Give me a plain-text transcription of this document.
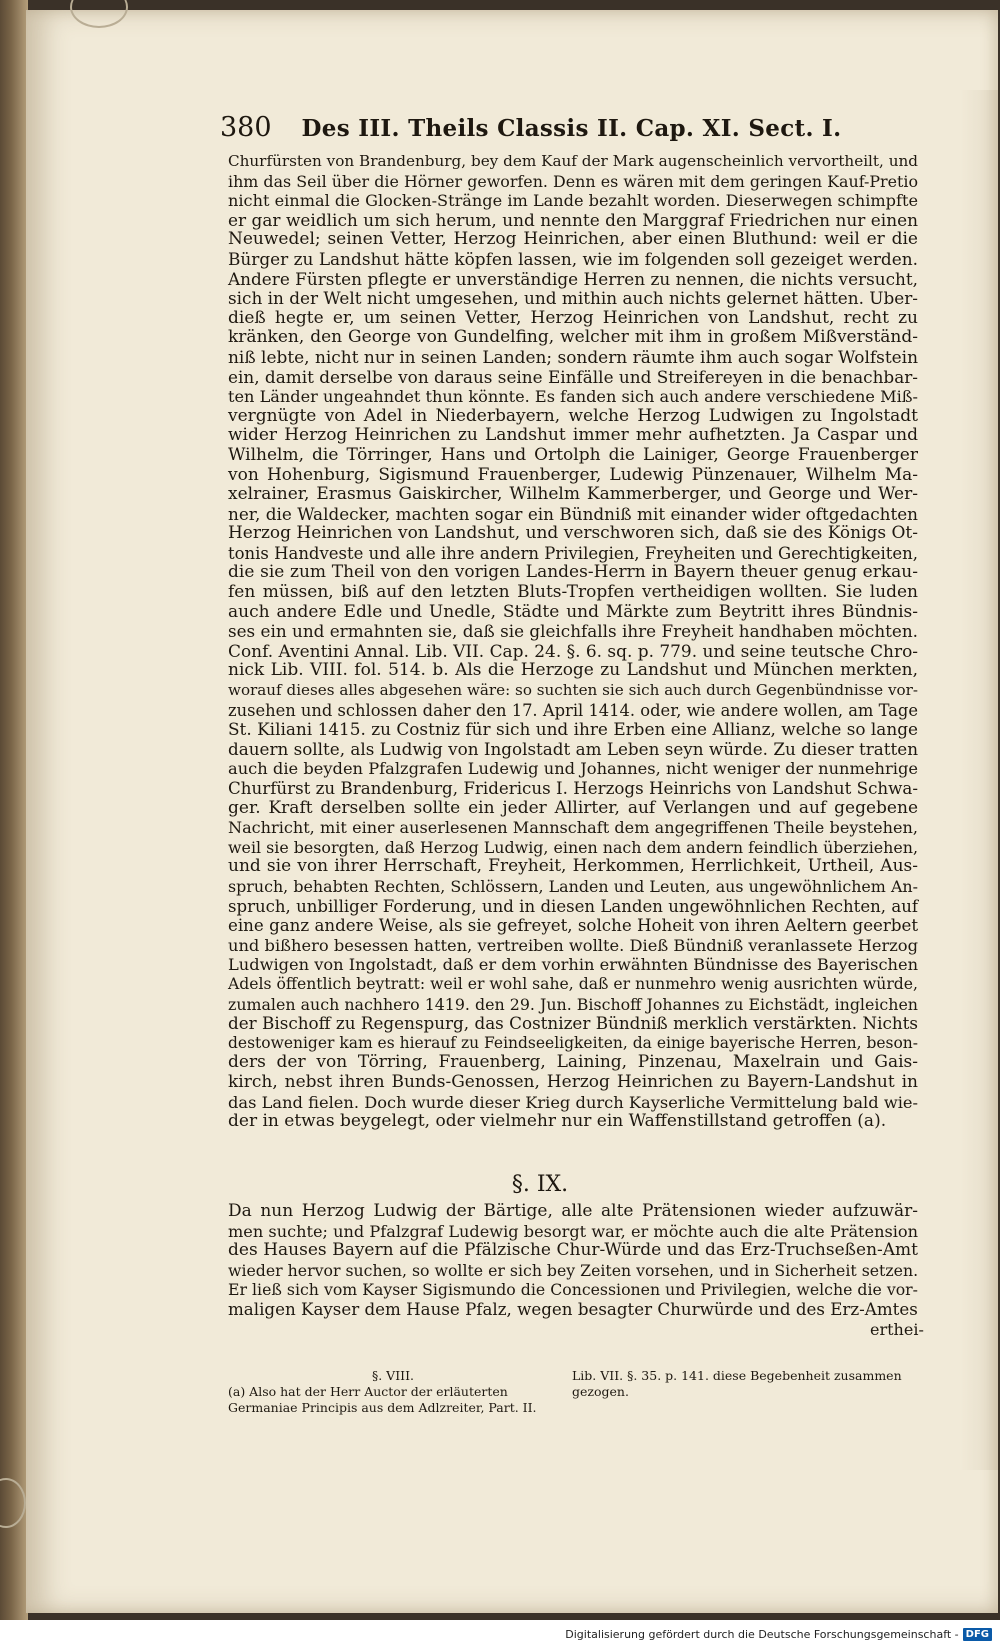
380 Des III. Theils Classis II. Cap. XI. Sect. I.
Churfürsten von Brandenburg, bey dem Kauf der Mark augenscheinlich vervortheilt, und
ihm das Seil über die Hörner geworfen. Denn es wären mit dem geringen Kauf-Pretio
nicht einmal die Glocken-Stränge im Lande bezahlt worden. Dieserwegen schimpfte
er gar weidlich um sich herum, und nennte den Marggraf Friedrichen nur einen
Neuwedel; seinen Vetter, Herzog Heinrichen, aber einen Bluthund: weil er die
Bürger zu Landshut hätte köpfen lassen, wie im folgenden soll gezeiget werden.
Andere Fürsten pflegte er unverständige Herren zu nennen, die nichts versucht,
sich in der Welt nicht umgesehen, und mithin auch nichts gelernet hätten. Uber-
dieß hegte er, um seinen Vetter, Herzog Heinrichen von Landshut, recht zu
kränken, den George von Gundelfing, welcher mit ihm in großem Mißverständ-
niß lebte, nicht nur in seinen Landen; sondern räumte ihm auch sogar Wolfstein
ein, damit derselbe von daraus seine Einfälle und Streifereyen in die benachbar-
ten Länder ungeahndet thun könnte. Es fanden sich auch andere verschiedene Miß-
vergnügte von Adel in Niederbayern, welche Herzog Ludwigen zu Ingolstadt
wider Herzog Heinrichen zu Landshut immer mehr aufhetzten. Ja Caspar und
Wilhelm, die Törringer, Hans und Ortolph die Lainiger, George Frauenberger
von Hohenburg, Sigismund Frauenberger, Ludewig Pünzenauer, Wilhelm Ma-
xelrainer, Erasmus Gaiskircher, Wilhelm Kammerberger, und George und Wer-
ner, die Waldecker, machten sogar ein Bündniß mit einander wider oftgedachten
Herzog Heinrichen von Landshut, und verschworen sich, daß sie des Königs Ot-
tonis Handveste und alle ihre andern Privilegien, Freyheiten und Gerechtigkeiten,
die sie zum Theil von den vorigen Landes-Herrn in Bayern theuer genug erkau-
fen müssen, biß auf den letzten Bluts-Tropfen vertheidigen wollten. Sie luden
auch andere Edle und Unedle, Städte und Märkte zum Beytritt ihres Bündnis-
ses ein und ermahnten sie, daß sie gleichfalls ihre Freyheit handhaben möchten.
Conf. Aventini Annal. Lib. VII. Cap. 24. §. 6. sq. p. 779. und seine teutsche Chro-
nick Lib. VIII. fol. 514. b. Als die Herzoge zu Landshut und München merkten,
worauf dieses alles abgesehen wäre: so suchten sie sich auch durch Gegenbündnisse vor-
zusehen und schlossen daher den 17. April 1414. oder, wie andere wollen, am Tage
St. Kiliani 1415. zu Costniz für sich und ihre Erben eine Allianz, welche so lange
dauern sollte, als Ludwig von Ingolstadt am Leben seyn würde. Zu dieser tratten
auch die beyden Pfalzgrafen Ludewig und Johannes, nicht weniger der nunmehrige
Churfürst zu Brandenburg, Fridericus I. Herzogs Heinrichs von Landshut Schwa-
ger. Kraft derselben sollte ein jeder Allirter, auf Verlangen und auf gegebene
Nachricht, mit einer auserlesenen Mannschaft dem angegriffenen Theile beystehen,
weil sie besorgten, daß Herzog Ludwig, einen nach dem andern feindlich überziehen,
und sie von ihrer Herrschaft, Freyheit, Herkommen, Herrlichkeit, Urtheil, Aus-
spruch, behabten Rechten, Schlössern, Landen und Leuten, aus ungewöhnlichem An-
spruch, unbilliger Forderung, und in diesen Landen ungewöhnlichen Rechten, auf
eine ganz andere Weise, als sie gefreyet, solche Hoheit von ihren Aeltern geerbet
und bißhero besessen hatten, vertreiben wollte. Dieß Bündniß veranlassete Herzog
Ludwigen von Ingolstadt, daß er dem vorhin erwähnten Bündnisse des Bayerischen
Adels öffentlich beytratt: weil er wohl sahe, daß er nunmehro wenig ausrichten würde,
zumalen auch nachhero 1419. den 29. Jun. Bischoff Johannes zu Eichstädt, ingleichen
der Bischoff zu Regenspurg, das Costnizer Bündniß merklich verstärkten. Nichts
destoweniger kam es hierauf zu Feindseeligkeiten, da einige bayerische Herren, beson-
ders der von Törring, Frauenberg, Laining, Pinzenau, Maxelrain und Gais-
kirch, nebst ihren Bunds-Genossen, Herzog Heinrichen zu Bayern-Landshut in
das Land fielen. Doch wurde dieser Krieg durch Kayserliche Vermittelung bald wie-
der in etwas beygelegt, oder vielmehr nur ein Waffenstillstand getroffen (a).
§. IX.
Da nun Herzog Ludwig der Bärtige, alle alte Prätensionen wieder aufzuwär-
men suchte; und Pfalzgraf Ludewig besorgt war, er möchte auch die alte Prätension
des Hauses Bayern auf die Pfälzische Chur-Würde und das Erz-Truchseßen-Amt
wieder hervor suchen, so wollte er sich bey Zeiten vorsehen, und in Sicherheit setzen.
Er ließ sich vom Kayser Sigismundo die Concessionen und Privilegien, welche die vor-
maligen Kayser dem Hause Pfalz, wegen besagter Churwürde und des Erz-Amtes
erthei-
§. VIII.
(a) Also hat der Herr Auctor der erläuterten
Germaniae Principis aus dem Adlzreiter, Part. II.
Lib. VII. §. 35. p. 141. diese Begebenheit zusammen
gezogen.
Digitalisierung gefördert durch die Deutsche Forschungsgemeinschaft - DFG
